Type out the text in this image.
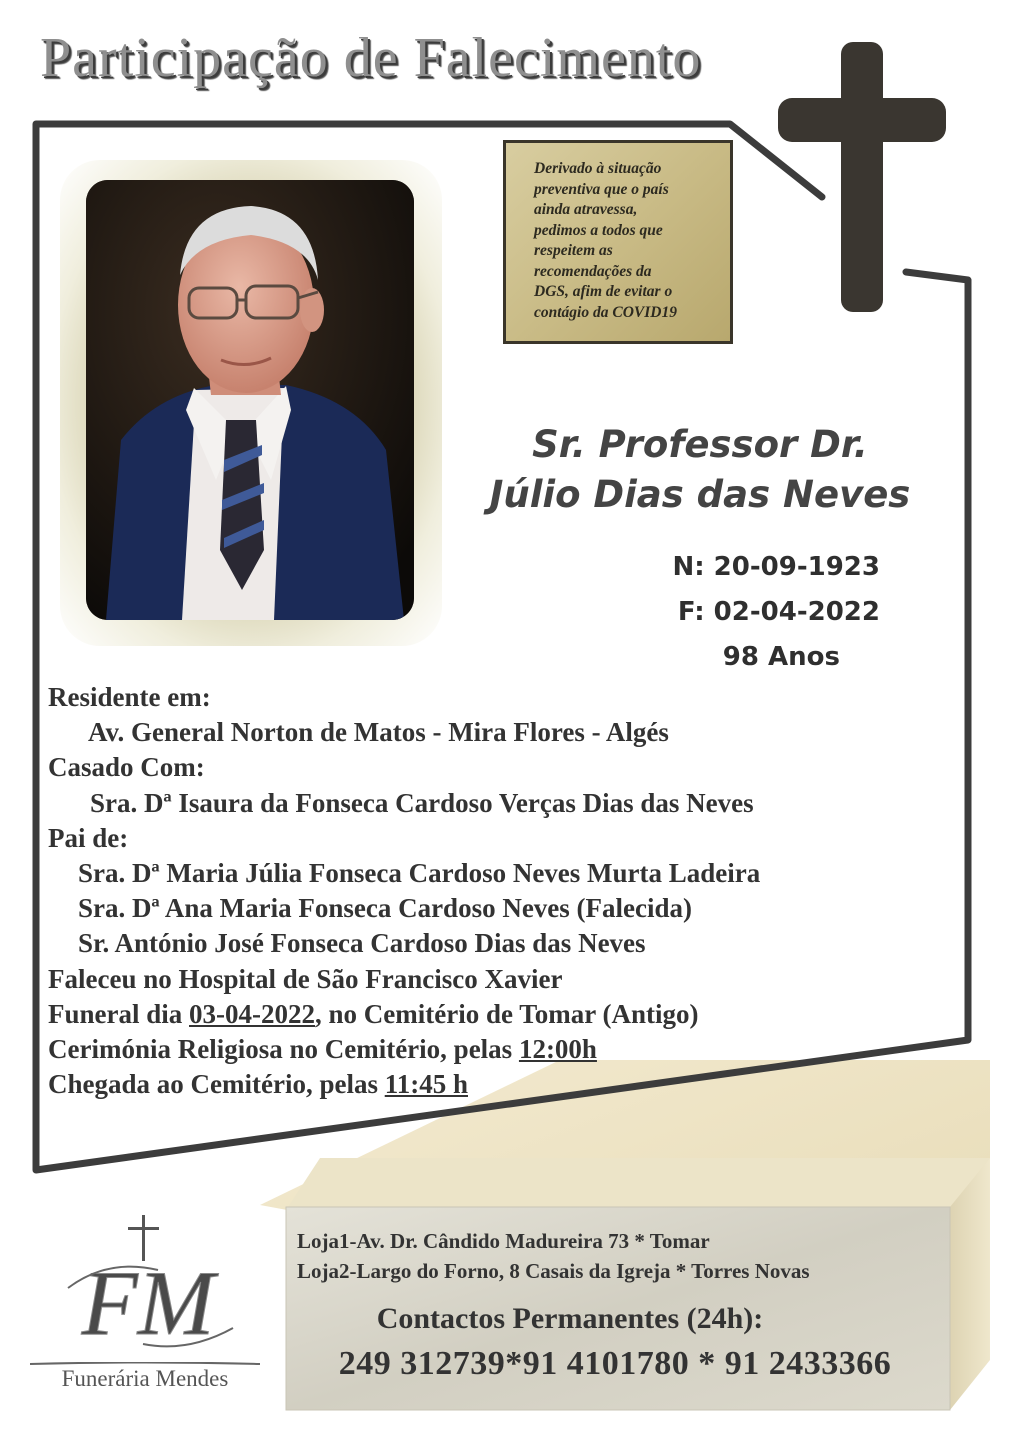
Participação de Falecimento
Derivado à situação
preventiva que o país
ainda atravessa,
pedimos a todos que
respeitem as
recomendações da
DGS, afim de evitar o
contágio da COVID19
Sr. Professor Dr.
Júlio Dias das Neves
N: 20-09-1923
F: 02-04-2022
98 Anos
Residente em:
Av. General Norton de Matos - Mira Flores - Algés
Casado Com:
Sra. Dª Isaura da Fonseca Cardoso Verças Dias das Neves
Pai de:
Sra. Dª Maria Júlia Fonseca Cardoso Neves Murta Ladeira
Sra. Dª Ana Maria Fonseca Cardoso Neves (Falecida)
Sr. António José Fonseca Cardoso Dias das Neves
Faleceu no Hospital de São Francisco Xavier
Funeral dia 03-04-2022, no Cemitério de Tomar (Antigo)
Cerimónia Religiosa no Cemitério, pelas 12:00h
Chegada ao Cemitério, pelas 11:45 h
FM
Funerária Mendes
Loja1-Av. Dr. Cândido Madureira 73 * Tomar
Loja2-Largo do Forno, 8 Casais da Igreja * Torres Novas
Contactos Permanentes (24h):
249 312739*91 4101780 * 91 2433366
